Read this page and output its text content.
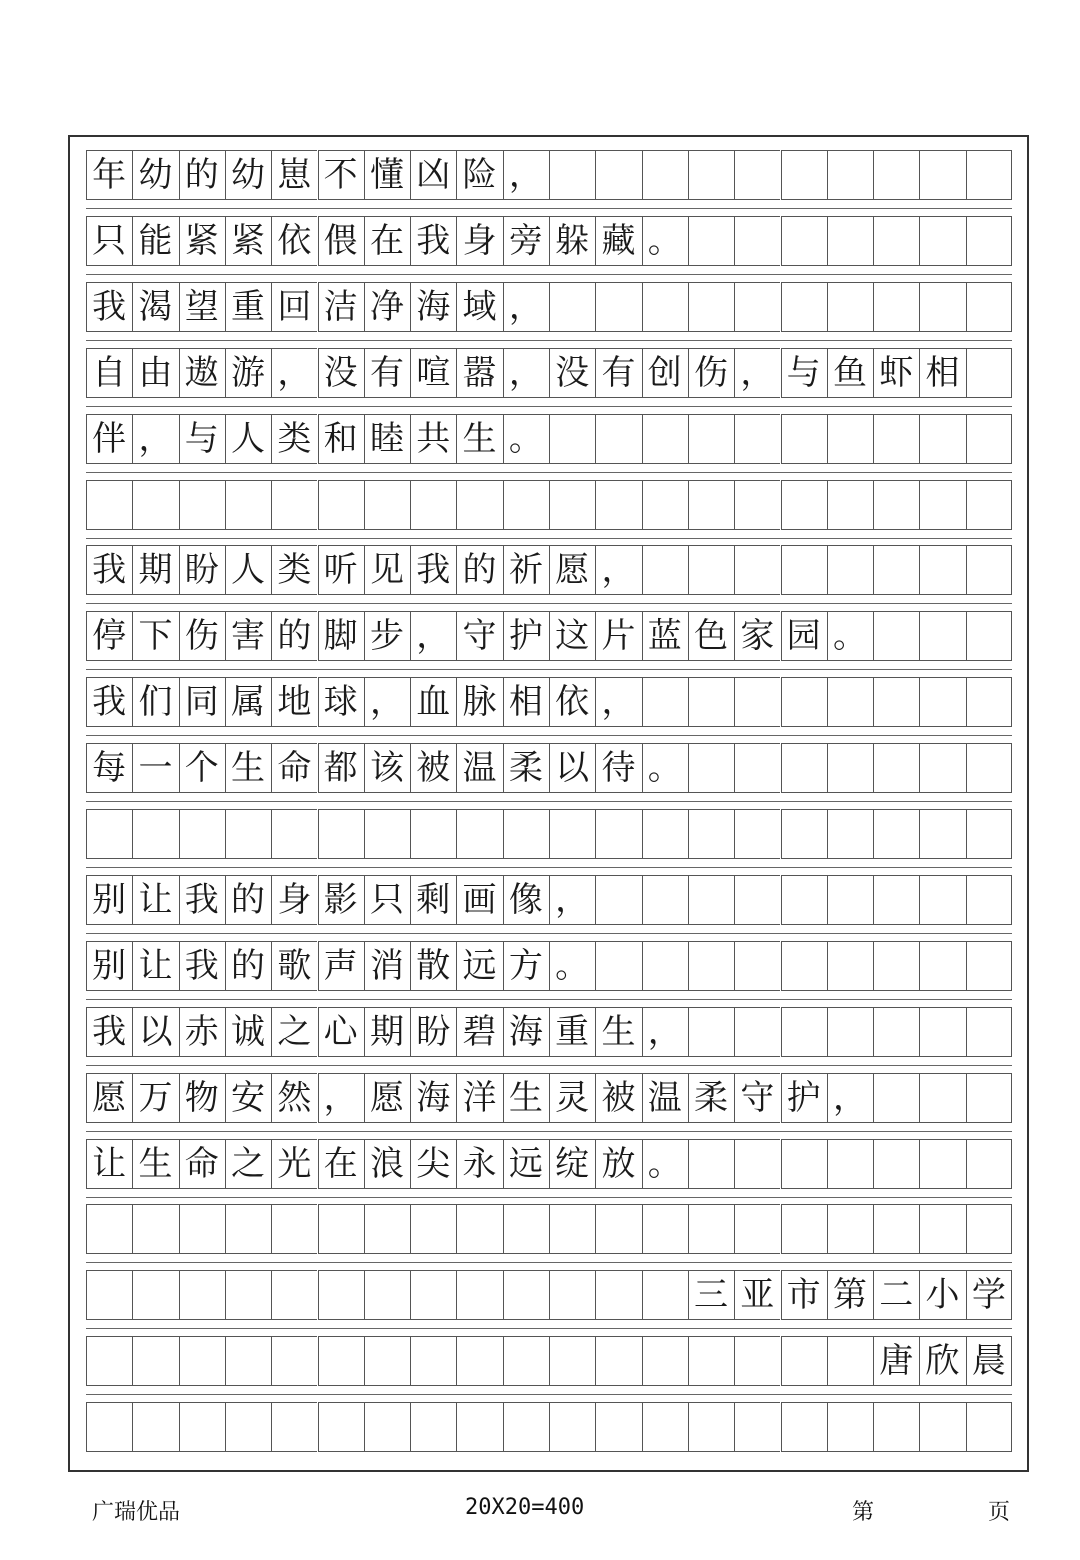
年 幼 的 幼 崽 不 懂 凶 险 ，
只 能 紧 紧 依 偎 在 我 身 旁 躲 藏 。
我 渴 望 重 回 洁 净 海 域 ，
自 由 遨 游 ， 没 有 喧 嚣 ， 没 有 创 伤 ， 与 鱼 虾 相
伴 ， 与 人 类 和 睦 共 生 。
我 期 盼 人 类 听 见 我 的 祈 愿 ，
停 下 伤 害 的 脚 步 ， 守 护 这 片 蓝 色 家 园 。
我 们 同 属 地 球 ， 血 脉 相 依 ，
每 一 个 生 命 都 该 被 温 柔 以 待 。
别 让 我 的 身 影 只 剩 画 像 ，
别 让 我 的 歌 声 消 散 远 方 。
我 以 赤 诚 之 心 期 盼 碧 海 重 生 ，
愿 万 物 安 然 ， 愿 海 洋 生 灵 被 温 柔 守 护 ，
让 生 命 之 光 在 浪 尖 永 远 绽 放 。
三 亚 市 第 二 小 学
唐 欣 晨
广瑞优品	20X20=400	第	页
